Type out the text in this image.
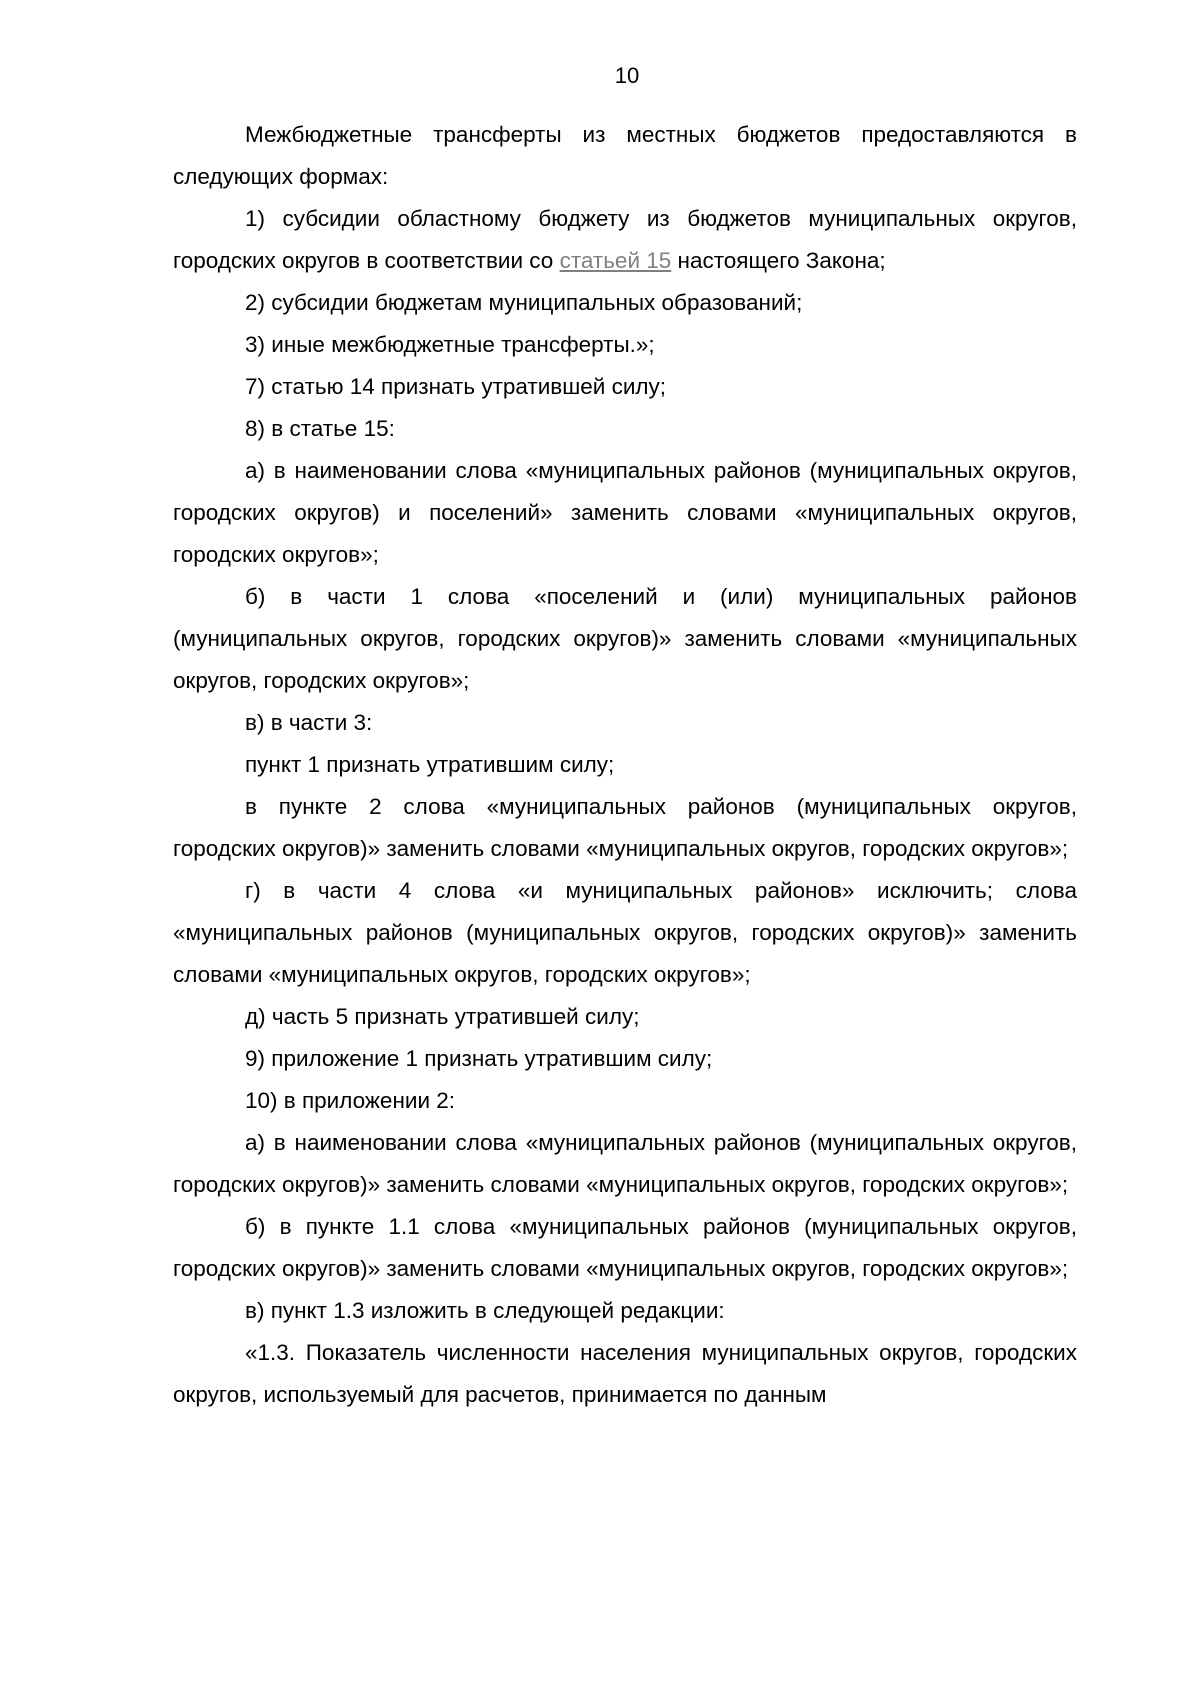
10

Межбюджетные трансферты из местных бюджетов предоставляются в следующих формах:

1) субсидии областному бюджету из бюджетов муниципальных округов, городских округов в соответствии со статьей 15 настоящего Закона;

2) субсидии бюджетам муниципальных образований;

3) иные межбюджетные трансферты.»;

7) статью 14 признать утратившей силу;

8) в статье 15:

а) в наименовании слова «муниципальных районов (муниципальных округов, городских округов) и поселений» заменить словами «муниципальных округов, городских округов»;

б) в части 1 слова «поселений и (или) муниципальных районов (муниципальных округов, городских округов)» заменить словами «муниципальных округов, городских округов»;

в) в части 3:

пункт 1 признать утратившим силу;

в пункте 2 слова «муниципальных районов (муниципальных округов, городских округов)» заменить словами «муниципальных округов, городских округов»;

г) в части 4 слова «и муниципальных районов» исключить; слова «муниципальных районов (муниципальных округов, городских округов)» заменить словами «муниципальных округов, городских округов»;

д) часть 5 признать утратившей силу;

9) приложение 1 признать утратившим силу;

10) в приложении 2:

а) в наименовании слова «муниципальных районов (муниципальных округов, городских округов)» заменить словами «муниципальных округов, городских округов»;

б) в пункте 1.1 слова «муниципальных районов (муниципальных округов, городских округов)» заменить словами «муниципальных округов, городских округов»;

в) пункт 1.3 изложить в следующей редакции:

«1.3. Показатель численности населения муниципальных округов, городских округов, используемый для расчетов, принимается по данным
